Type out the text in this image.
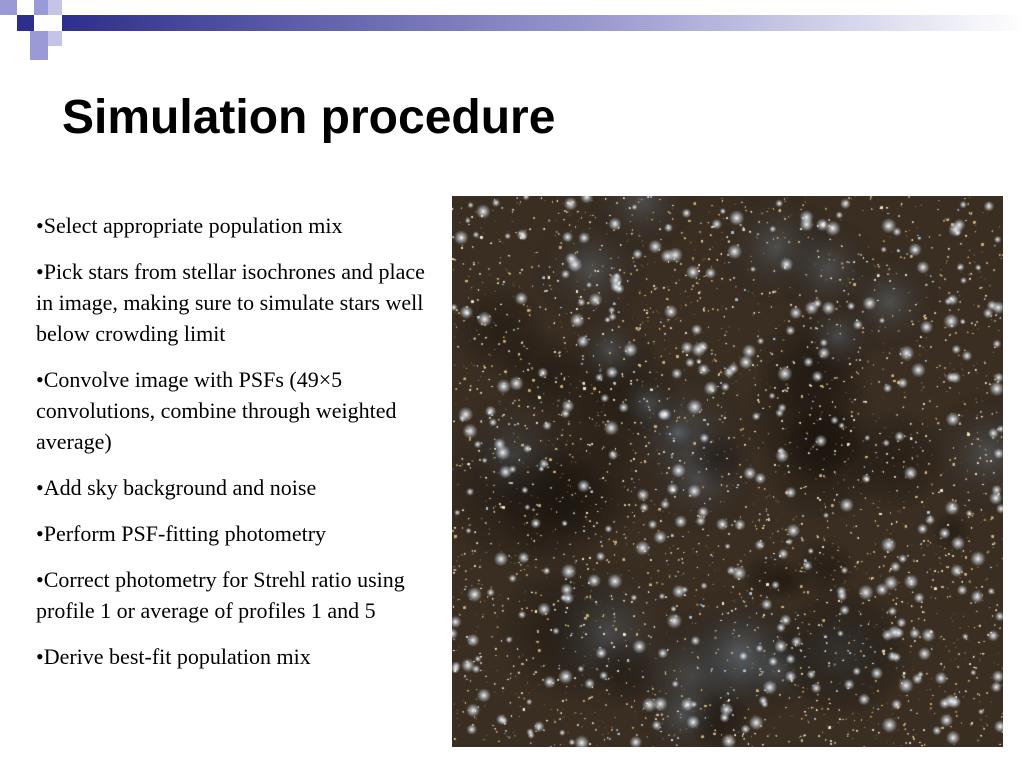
Simulation procedure
•Select appropriate population mix
•Pick stars from stellar isochrones and place in image, making sure to simulate stars well below crowding limit
•Convolve image with PSFs (49×5 convolutions, combine through weighted average)
•Add sky background and noise
•Perform PSF-fitting photometry
•Correct photometry for Strehl ratio using profile 1 or average of profiles 1 and 5
•Derive best-fit population mix
